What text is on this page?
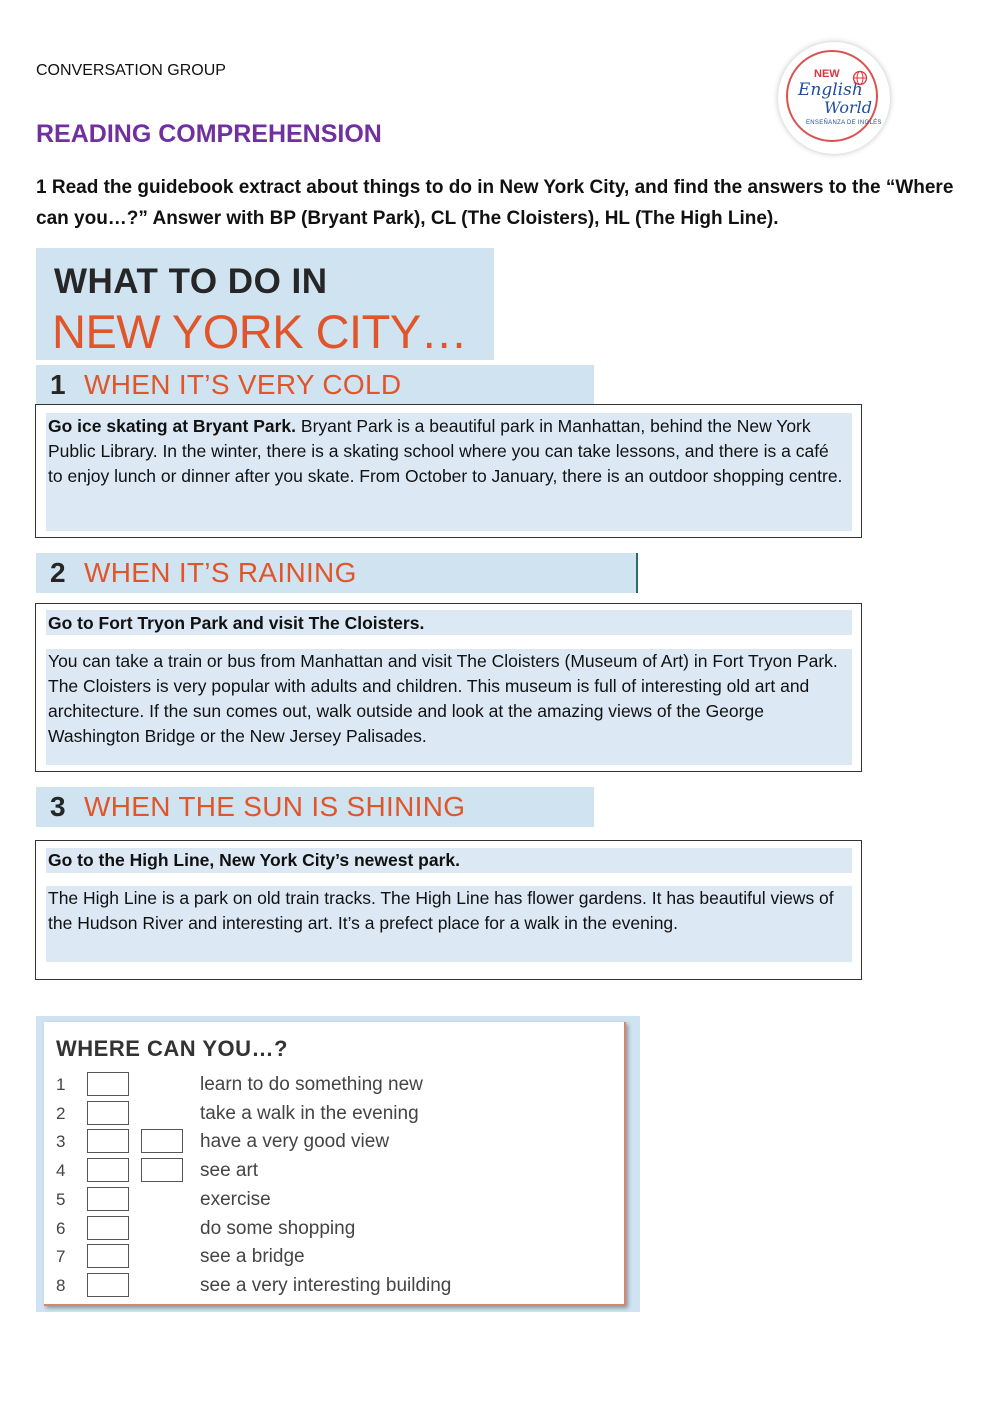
CONVERSATION GROUP
READING COMPREHENSION
1 Read the guidebook extract about things to do in New York City, and find the answers to the “Where can you…?” Answer with BP (Bryant Park), CL (The Cloisters), HL (The High Line).
NEW
English
World
ENSEÑANZA DE INGLÉS
WHAT TO DO IN
NEW YORK CITY…
1 WHEN IT’S VERY COLD
Go ice skating at Bryant Park. Bryant Park is a beautiful park in Manhattan, behind the New York Public Library. In the winter, there is a skating school where you can take lessons, and there is a café to enjoy lunch or dinner after you skate. From October to January, there is an outdoor shopping centre.
2 WHEN IT’S RAINING
Go to Fort Tryon Park and visit The Cloisters.
You can take a train or bus from Manhattan and visit The Cloisters (Museum of Art) in Fort Tryon Park. The Cloisters is very popular with adults and children. This museum is full of interesting old art and architecture. If the sun comes out, walk outside and look at the amazing views of the George Washington Bridge or the New Jersey Palisades.
3 WHEN THE SUN IS SHINING
Go to the High Line, New York City’s newest park.
The High Line is a park on old train tracks. The High Line has flower gardens. It has beautiful views of the Hudson River and interesting art. It’s a prefect place for a walk in the evening.
WHERE CAN YOU…?
1	learn to do something new
2	take a walk in the evening
3	have a very good view
4	see art
5	exercise
6	do some shopping
7	see a bridge
8	see a very interesting building
